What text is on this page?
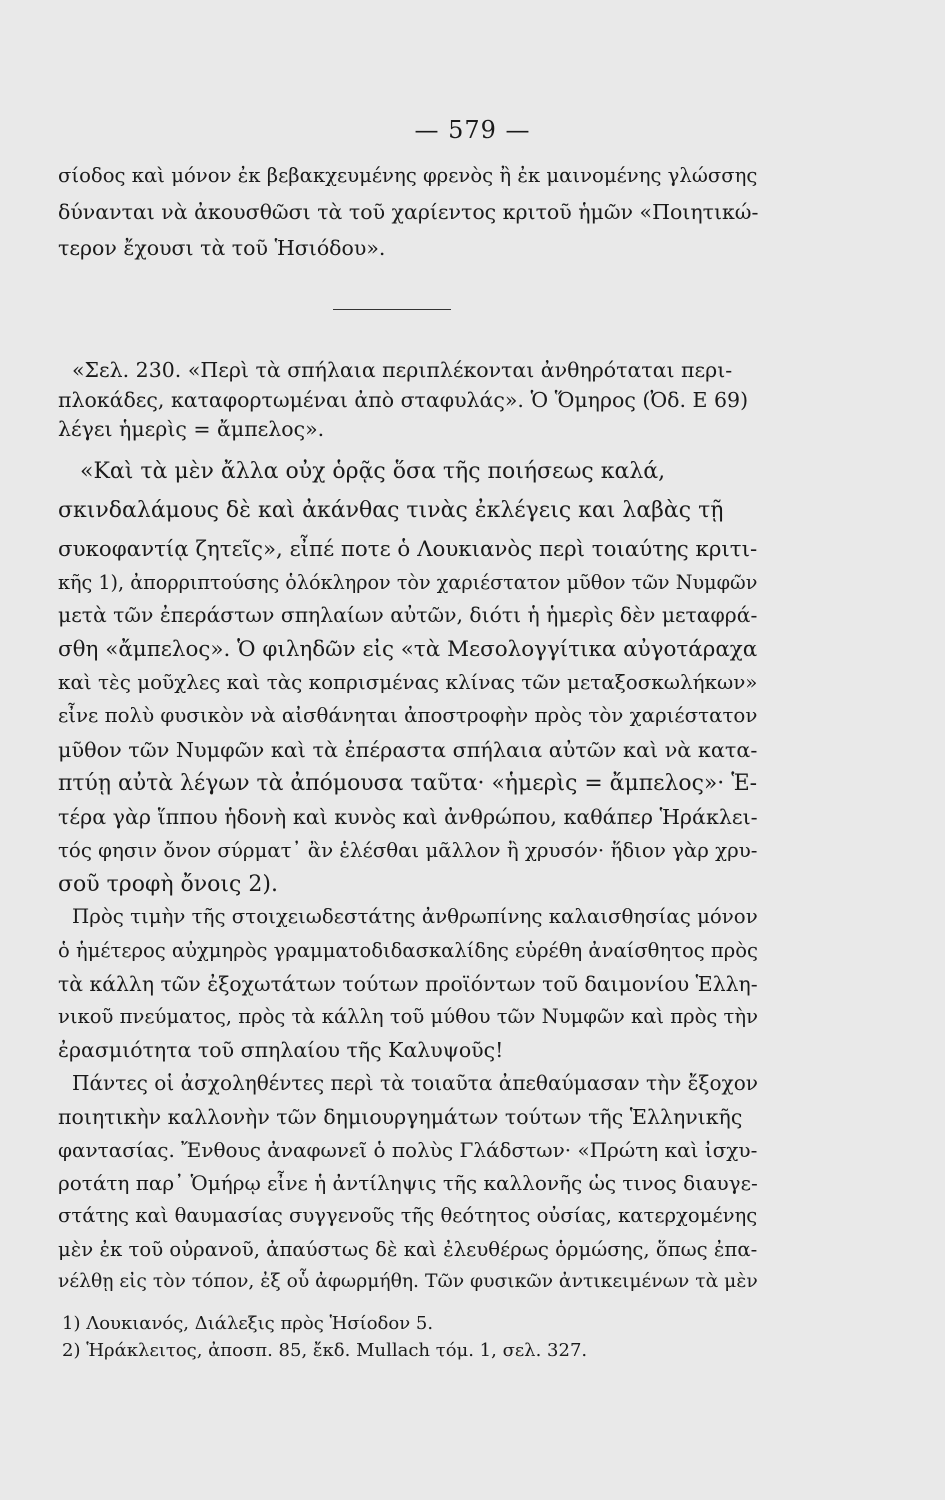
— 579 —
σίοδος καὶ μόνον ἐκ βεβακχευμένης φρενὸς ἢ ἐκ μαινομένης γλώσσης
δύνανται νὰ ἀκουσθῶσι τὰ τοῦ χαρίεντος κριτοῦ ἡμῶν «Ποιητικώ-
τερον ἔχουσι τὰ τοῦ Ἡσιόδου».
«Σελ. 230. «Περὶ τὰ σπήλαια περιπλέκονται ἀνθηρόταται περι-
πλοκάδες, καταφορτωμέναι ἀπὸ σταφυλάς». Ὁ Ὅμηρος (Ὀδ. Ε 69)
λέγει ἡμερὶς = ἄμπελος».
«Καὶ τὰ μὲν ἄλλα οὐχ ὁρᾷς ὅσα τῆς ποιήσεως καλά,
σκινδαλάμους δὲ καὶ ἀκάνθας τινὰς ἐκλέγεις και λαβὰς τῇ
συκοφαντίᾳ ζητεῖς», εἶπέ ποτε ὁ Λουκιανὸς περὶ τοιαύτης κριτι-
κῆς 1), ἀπορριπτούσης ὁλόκληρον τὸν χαριέστατον μῦθον τῶν Νυμφῶν
μετὰ τῶν ἐπεράστων σπηλαίων αὐτῶν, διότι ἡ ἡμερὶς δὲν μεταφρά-
σθη «ἄμπελος». Ὁ φιληδῶν εἰς «τὰ Μεσολογγίτικα αὐγοτάραχα
καὶ τὲς μοῦχλες καὶ τὰς κοπρισμένας κλίνας τῶν μεταξοσκωλήκων»
εἶνε πολὺ φυσικὸν νὰ αἰσθάνηται ἀποστροφὴν πρὸς τὸν χαριέστατον
μῦθον τῶν Νυμφῶν καὶ τὰ ἐπέραστα σπήλαια αὐτῶν καὶ νὰ κατα-
πτύῃ αὐτὰ λέγων τὰ ἀπόμουσα ταῦτα· «ἡμερὶς = ἄμπελος»· Ἑ-
τέρα γὰρ ἵππου ἡδονὴ καὶ κυνὸς καὶ ἀνθρώπου, καθάπερ Ἡράκλει-
τός φησιν ὄνον σύρματ᾽ ἂν ἑλέσθαι μᾶλλον ἢ χρυσόν· ἥδιον γὰρ χρυ-
σοῦ τροφὴ ὄνοις 2).
Πρὸς τιμὴν τῆς στοιχειωδεστάτης ἀνθρωπίνης καλαισθησίας μόνον
ὁ ἡμέτερος αὐχμηρὸς γραμματοδιδασκαλίδης εὑρέθη ἀναίσθητος πρὸς
τὰ κάλλη τῶν ἐξοχωτάτων τούτων προϊόντων τοῦ δαιμονίου Ἑλλη-
νικοῦ πνεύματος, πρὸς τὰ κάλλη τοῦ μύθου τῶν Νυμφῶν καὶ πρὸς τὴν
ἐρασμιότητα τοῦ σπηλαίου τῆς Καλυψοῦς!
Πάντες οἱ ἀσχοληθέντες περὶ τὰ τοιαῦτα ἀπεθαύμασαν τὴν ἔξοχον
ποιητικὴν καλλονὴν τῶν δημιουργημάτων τούτων τῆς Ἑλληνικῆς
φαντασίας. Ἔνθους ἀναφωνεῖ ὁ πολὺς Γλάδστων· «Πρώτη καὶ ἰσχυ-
ροτάτη παρ᾽ Ὁμήρῳ εἶνε ἡ ἀντίληψις τῆς καλλονῆς ὡς τινος διαυγε-
στάτης καὶ θαυμασίας συγγενοῦς τῆς θεότητος οὐσίας, κατερχομένης
μὲν ἐκ τοῦ οὐρανοῦ, ἀπαύστως δὲ καὶ ἐλευθέρως ὁρμώσης, ὅπως ἐπα-
νέλθῃ εἰς τὸν τόπον, ἐξ οὗ ἀφωρμήθη. Τῶν φυσικῶν ἀντικειμένων τὰ μὲν
1) Λουκιανός, Διάλεξις πρὸς Ἡσίοδον 5.
2) Ἡράκλειτος, ἀποσπ. 85, ἔκδ. Mullach τόμ. 1, σελ. 327.
